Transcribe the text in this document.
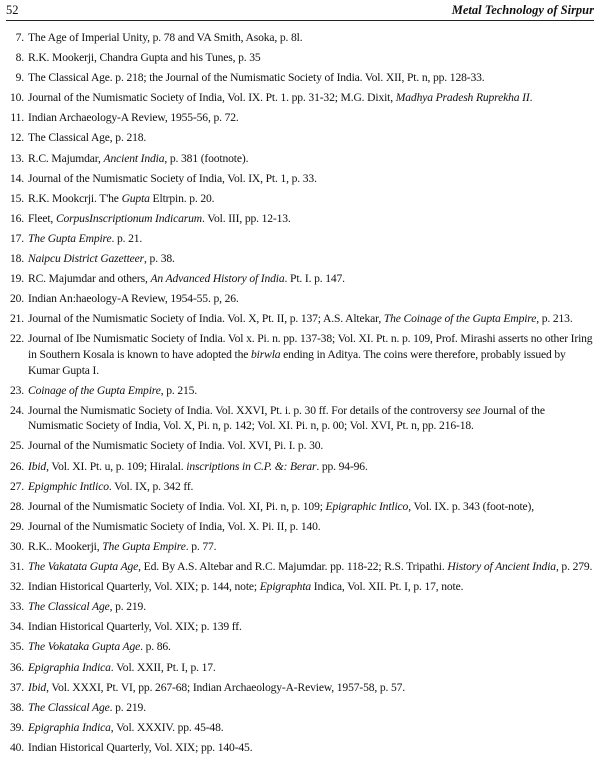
52	Metal Technology of Sirpur
7. The Age of Imperial Unity, p. 78 and VA Smith, Asoka, p. 8l.
8. R.K. Mookerji, Chandra Gupta and his Tunes, p. 35
9. The Classical Age. p. 218; the Journal of the Numismatic Society of India. Vol. XII, Pt. n, pp. 128-33.
10. Journal of the Numismatic Society of India, Vol. IX. Pt. 1. pp. 31-32; M.G. Dixit, Madhya Pradesh Ruprekha II.
11. Indian Archaeology-A Review, 1955-56, p. 72.
12. The Classical Age, p. 218.
13. R.C. Majumdar, Ancient India, p. 381 (footnote).
14. Journal of the Numismatic Society of India, Vol. IX, Pt. 1, p. 33.
15. R.K. Mookcrji. T'he Gupta Eltrpin. p. 20.
16. Fleet, CorpusInscriptionum Indicarum. Vol. III, pp. 12-13.
17. The Gupta Empire. p. 21.
18. Naipcu District Gazetteer, p. 38.
19. RC. Majumdar and others, An Advanced History of India. Pt. I. p. 147.
20. Indian An:haeology-A Review, 1954-55. p, 26.
21. Journal of the Numismatic Society of India. Vol. X, Pt. II, p. 137; A.S. Altekar, The Coinage of the Gupta Empire, p. 213.
22. Journal of Ibe Numismatic Society of India. Vol x. Pi. n. pp. 137-38; Vol. XI. Pt. n. p. 109, Prof. Mirashi asserts no other Iring in Southern Kosala is known to have adopted the birwla ending in Aditya. The coins were therefore, probably issued by Kumar Gupta I.
23. Coinage of the Gupta Empire, p. 215.
24. Journal the Numismatic Society of India. Vol. XXVI, Pt. i. p. 30 ff. For details of the controversy see Journal of the Numismatic Society of India, Vol. X, Pi. n, p. 142; Vol. XI. Pi. n, p. 00; Vol. XVI, Pt. n, pp. 216-18.
25. Journal of the Numismatic Society of India. Vol. XVI, Pi. I. p. 30.
26. Ibid, Vol. XI. Pt. u, p. 109; Hiralal. inscriptions in C.P. &: Berar. pp. 94-96.
27. Epigmphic Intlico. Vol. IX, p. 342 ff.
28. Journal of the Numismatic Society of India. Vol. XI, Pi. n, p. 109; Epigraphic Intlico, Vol. IX. p. 343 (foot-note),
29. Journal of the Numismatic Society of India, Vol. X. Pi. II, p. 140.
30. R.K.. Mookerji, The Gupta Empire. p. 77.
31. The Vakatata Gupta Age, Ed. By A.S. Altebar and R.C. Majumdar. pp. 118-22; R.S. Tripathi. History of Ancient India, p. 279.
32. Indian Historical Quarterly, Vol. XIX; p. 144, note; Epigraphta Indica, Vol. XII. Pt. I, p. 17, note.
33. The Classical Age, p. 219.
34. Indian Historical Quarterly, Vol. XIX; p. 139 ff.
35. The Vokataka Gupta Age. p. 86.
36. Epigraphia Indica. Vol. XXII, Pt. I, p. 17.
37. Ibid, Vol. XXXI, Pt. VI, pp. 267-68; Indian Archaeology-A-Review, 1957-58, p. 57.
38. The Classical Age. p. 219.
39. Epigraphia Indica, Vol. XXXIV. pp. 45-48.
40. Indian Historical Quarterly, Vol. XIX; pp. 140-45.
